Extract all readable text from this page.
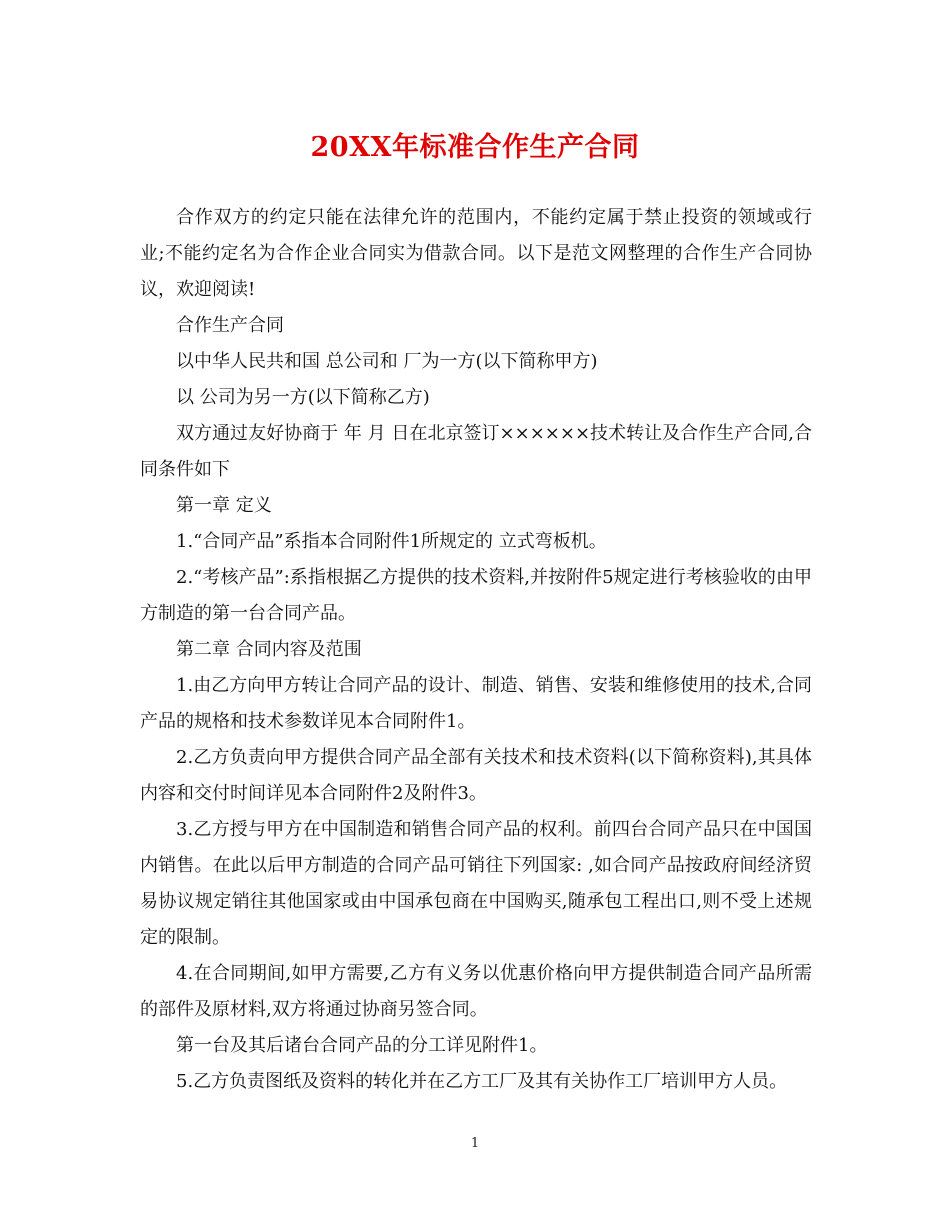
20XX年标准合作生产合同

合作双方的约定只能在法律允许的范围内，不能约定属于禁止投资的领域或行业;不能约定名为合作企业合同实为借款合同。以下是范文网整理的合作生产合同协议，欢迎阅读!

合作生产合同

以中华人民共和国 总公司和 厂为一方(以下简称甲方)

以 公司为另一方(以下简称乙方)

双方通过友好协商于 年 月 日在北京签订××××××技术转让及合作生产合同,合同条件如下

第一章 定义

1.“合同产品”系指本合同附件1所规定的 立式弯板机。

2.“考核产品”:系指根据乙方提供的技术资料,并按附件5规定进行考核验收的由甲方制造的第一台合同产品。

第二章 合同内容及范围

1.由乙方向甲方转让合同产品的设计、制造、销售、安装和维修使用的技术,合同产品的规格和技术参数详见本合同附件1。

2.乙方负责向甲方提供合同产品全部有关技术和技术资料(以下简称资料),其具体内容和交付时间详见本合同附件2及附件3。

3.乙方授与甲方在中国制造和销售合同产品的权利。前四台合同产品只在中国国内销售。在此以后甲方制造的合同产品可销往下列国家: ,如合同产品按政府间经济贸易协议规定销往其他国家或由中国承包商在中国购买,随承包工程出口,则不受上述规定的限制。

4.在合同期间,如甲方需要,乙方有义务以优惠价格向甲方提供制造合同产品所需的部件及原材料,双方将通过协商另签合同。

第一台及其后诸台合同产品的分工详见附件1。

5.乙方负责图纸及资料的转化并在乙方工厂及其有关协作工厂培训甲方人员。

1
